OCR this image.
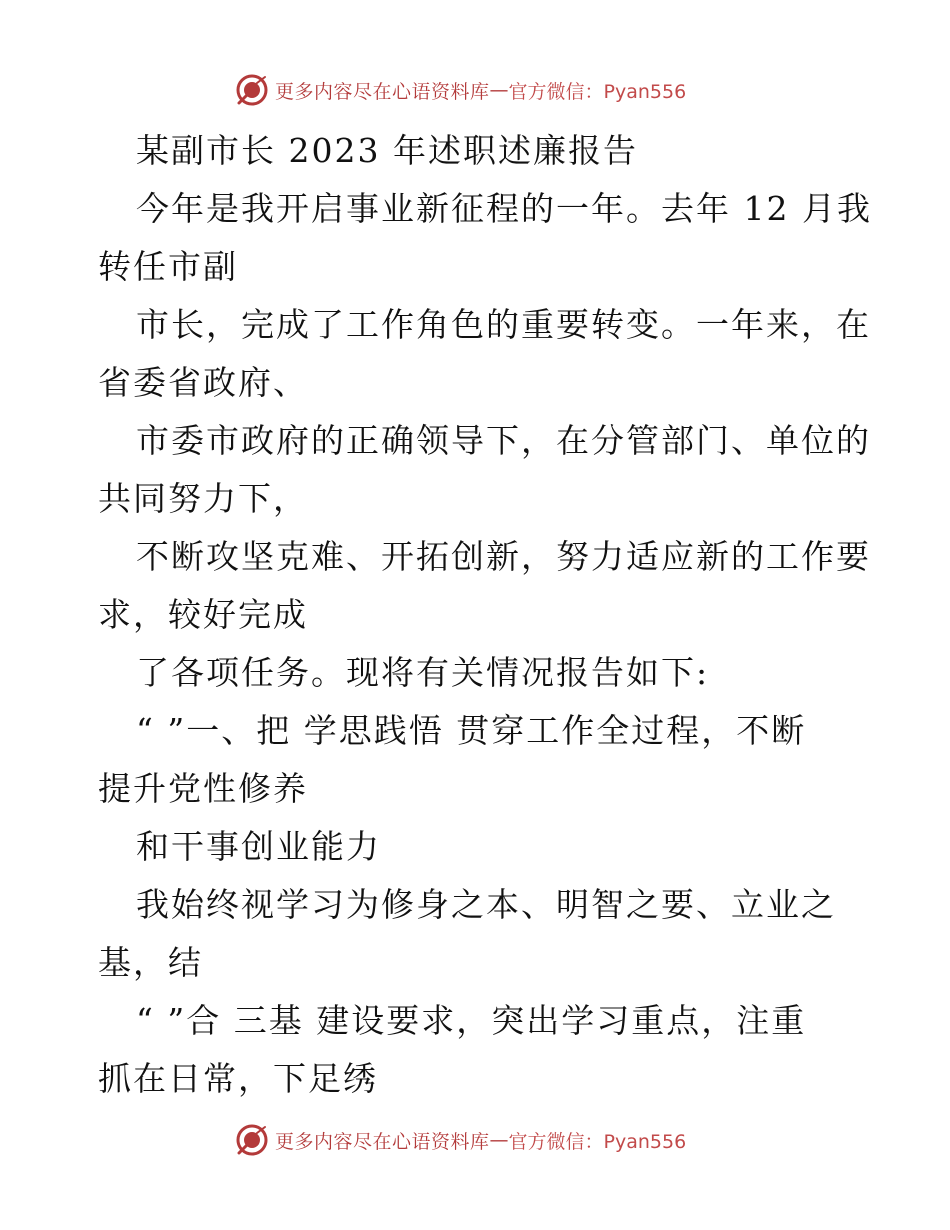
更多内容尽在心语资料库 — 官方微信：Pyan556
某副市长 2023 年述职述廉报告
今年是我开启事业新征程的一年。去年 12 月我
转任市副
市长，完成了工作角色的重要转变。一年来，在
省委省政府、
市委市政府的正确领导下，在分管部门、单位的
共同努力下，
不断攻坚克难、开拓创新，努力适应新的工作要
求，较好完成
了各项任务。现将有关情况报告如下:
“ ”一、把 学思践悟 贯穿工作全过程，不断
提升党性修养
和干事创业能力
我始终视学习为修身之本、明智之要、立业之
基，结
“ ”合 三基 建设要求，突出学习重点，注重
抓在日常，下足绣
更多内容尽在心语资料库 — 官方微信：Pyan556
